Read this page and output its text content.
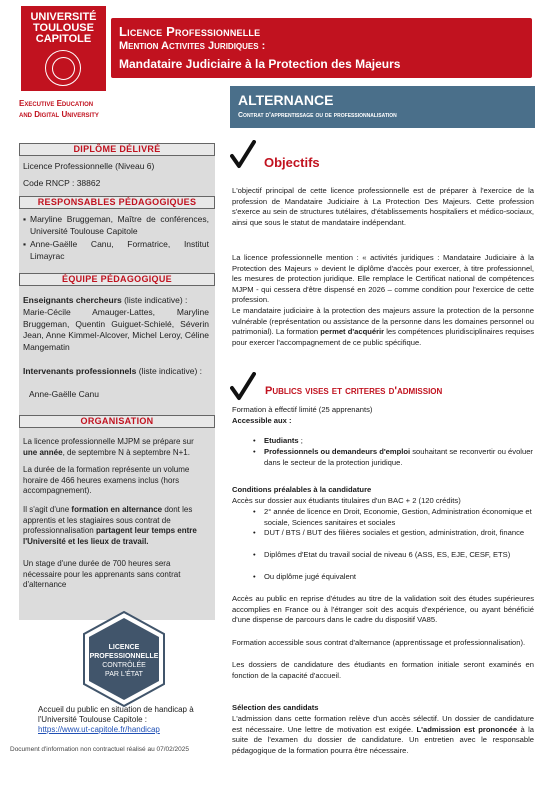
UNIVERSITÉ
TOULOUSE
CAPITOLE	Licence Professionnelle
Mention Activites Juridiques :
Mandataire Judiciaire à la Protection des Majeurs
Executive Education
and Digital University
ALTERNANCE
Contrat d'apprentissage ou de professionnalisation
DIPLÔME DÉLIVRÉ
Licence Professionnelle (Niveau 6)
Code RNCP : 38862
RESPONSABLES PÉDAGOGIQUES
▪ Maryline Bruggeman, Maître de conférences, Université Toulouse Capitole
▪ Anne-Gaëlle Canu, Formatrice, Institut Limayrac
ÉQUIPE PÉDAGOGIQUE
Enseignants chercheurs (liste indicative) :
Marie-Cécile Amauger-Lattes, Maryline Bruggeman, Quentin Guiguet-Schielé, Séverin Jean, Anne Kimmel-Alcover, Michel Leroy, Céline Mangematin
Intervenants professionnels (liste indicative) :
Anne-Gaëlle Canu
ORGANISATION
La licence professionnelle MJPM se prépare sur une année, de septembre N à septembre N+1.
La durée de la formation représente un volume horaire de 466 heures examens inclus (hors accompagnement).
Il s'agit d'une formation en alternance dont les apprentis et les stagiaires sous contrat de professionnalisation partagent leur temps entre l'Université et les lieux de travail.
Un stage d'une durée de 700 heures sera nécessaire pour les apprenants sans contrat d'alternance
LICENCE
PROFESSIONNELLE
CONTRÔLÉE
PAR L'ÉTAT
Accueil du public en situation de handicap à
l'Université Toulouse Capitole :
https://www.ut-capitole.fr/handicap
Document d'information non contractuel réalisé au 07/02/2025
Objectifs
L'objectif principal de cette licence professionnelle est de préparer à l'exercice de la profession de Mandataire Judiciaire à La Protection Des Majeurs. Cette profession s'exerce au sein de structures tutélaires, d'établissements hospitaliers et médico-sociaux, ainsi que sous le statut de mandataire indépendant.
La licence professionnelle mention : « activités juridiques : Mandataire Judiciaire à la Protection des Majeurs » devient le diplôme d'accès pour exercer, à titre professionnel, les mesures de protection juridique. Elle remplace le Certificat national de compétences MJPM - qui cessera d'être dispensé en 2026 – comme condition pour l'exercice de cette profession.
Le mandataire judiciaire à la protection des majeurs assure la protection de la personne vulnérable (représentation ou assistance de la personne dans les domaines personnel ou patrimonial). La formation permet d'acquérir les compétences pluridisciplinaires requises pour exercer l'accompagnement de ce public spécifique.
Publics vises et criteres d'admission
Formation à effectif limité (25 apprenants)
Accessible aux :
• Etudiants ;
• Professionnels ou demandeurs d'emploi souhaitant se reconvertir ou évoluer dans le secteur de la protection juridique.
Conditions préalables à la candidature
Accès sur dossier aux étudiants titulaires d'un BAC + 2 (120 crédits)
• 2° année de licence en Droit, Economie, Gestion, Administration économique et sociale, Sciences sanitaires et sociales
• DUT / BTS / BUT des filières sociales et gestion, administration, droit, finance
• Diplômes d'Etat du travail social de niveau 6 (ASS, ES, EJE, CESF, ETS)
• Ou diplôme jugé équivalent
Accès au public en reprise d'études au titre de la validation soit des études supérieures accomplies en France ou à l'étranger soit des acquis d'expérience, ou ayant bénéficié d'une dispense de parcours dans le cadre du dispositif VA85.
Formation accessible sous contrat d'alternance (apprentissage et professionnalisation).
Les dossiers de candidature des étudiants en formation initiale seront examinés en fonction de la capacité d'accueil.
Sélection des candidats
L'admission dans cette formation relève d'un accès sélectif. Un dossier de candidature est nécessaire. Une lettre de motivation est exigée. L'admission est prononcée à la suite de l'examen du dossier de candidature. Un entretien avec le responsable pédagogique de la formation pourra être nécessaire.
